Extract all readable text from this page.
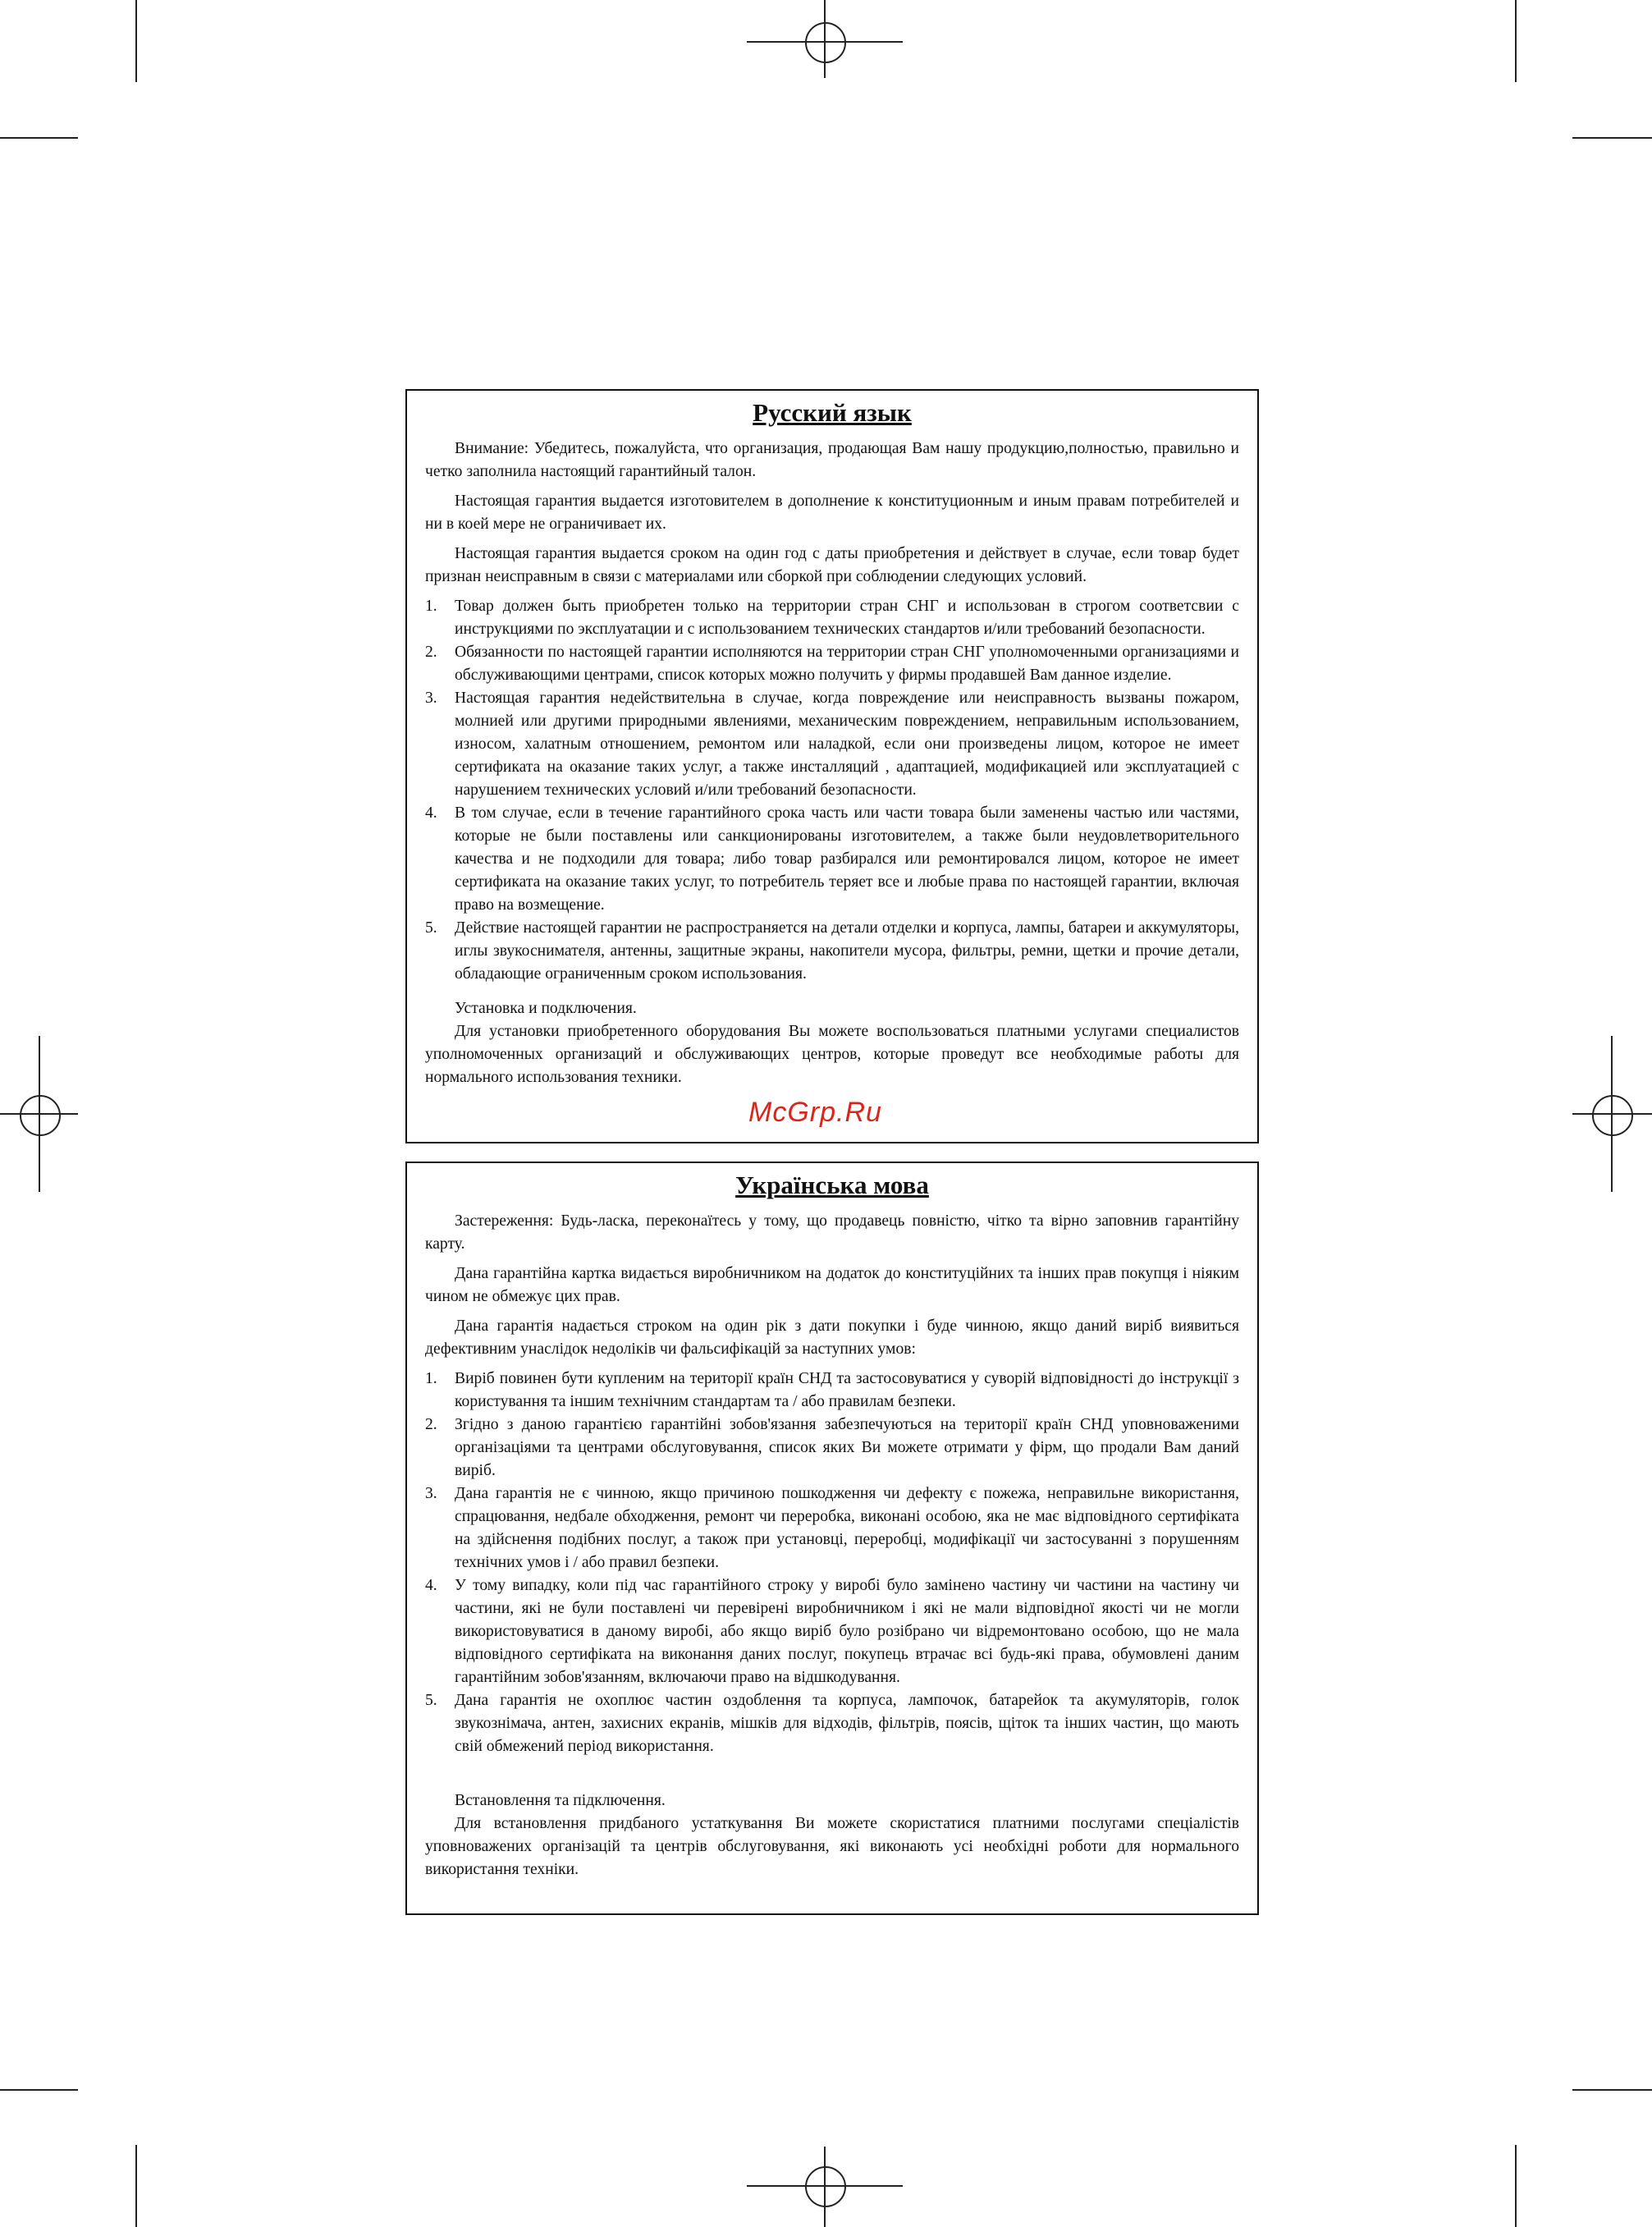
Русский язык

Внимание: Убедитесь, пожалуйста, что организация, продающая Вам нашу продукцию,полностью, правильно и четко заполнила настоящий гарантийный талон.

Настоящая гарантия выдается изготовителем в дополнение к конституционным и иным правам потребителей и ни в коей мере не ограничивает их.

Настоящая гарантия выдается сроком на один год с даты приобретения и действует в случае, если товар будет признан неисправным в связи с материалами или сборкой при соблюдении следующих условий.

1. Товар должен быть приобретен только на территории стран СНГ и использован в строгом соответсвии с инструкциями по эксплуатации и с использованием технических стандартов и/или требований безопасности.
2. Обязанности по настоящей гарантии исполняются на территории стран СНГ уполномоченными организациями и обслуживающими центрами, список которых можно получить у фирмы продавшей Вам данное изделие.
3. Настоящая гарантия недействительна в случае, когда повреждение или неисправность вызваны пожаром, молнией или другими природными явлениями, механическим повреждением, неправильным использованием, износом, халатным отношением, ремонтом или наладкой, если они произведены лицом, которое не имеет сертификата на оказание таких услуг, а также инсталляций , адаптацией, модификацией или эксплуатацией с нарушением технических условий и/или требований безопасности.
4. В том случае, если в течение гарантийного срока часть или части товара были заменены частью или частями, которые не были поставлены или санкционированы изготовителем, а также были неудовлетворительного качества и не подходили для товара; либо товар разбирался или ремонтировался лицом, которое не имеет сертификата на оказание таких услуг, то потребитель теряет все и любые права по настоящей гарантии, включая право на возмещение.
5. Действие настоящей гарантии не распространяется на детали отделки и корпуса, лампы, батареи и аккумуляторы, иглы звукоснимателя, антенны, защитные экраны, накопители мусора, фильтры, ремни, щетки и прочие детали, обладающие ограниченным сроком использования.

Установка и подключения.

Для установки приобретенного оборудования Вы можете воспользоваться платными услугами специалистов уполномоченных организаций и обслуживающих центров, которые проведут все необходимые работы для нормального использования техники.

McGrp.Ru
Українська мова

Застереження: Будь-ласка, переконаїтесь у тому, що продавець повністю, чітко та вірно заповнив гарантійну карту.

Дана гарантійна картка видається виробничником на додаток до конституційних та інших прав покупця і ніяким чином не обмежує цих прав.

Дана гарантія надається строком на один рік з дати покупки і буде чинною, якщо даний виріб виявиться дефективним унаслідок недоліків чи фальсифікацій за наступних умов:

1. Виріб повинен бути купленим на території країн СНД та застосовуватися у суворій відповідності до інструкції з користування та іншим технічним стандартам та / або правилам безпеки.
2. Згідно з даною гарантією гарантійні зобов'язання забезпечуються на території країн СНД уповноваженими організаціями та центрами обслуговування, список яких Ви можете отримати у фірм, що продали Вам даний виріб.
3. Дана гарантія не є чинною, якщо причиною пошкодження чи дефекту є пожежа, неправильне використання, спрацювання, недбале обходження, ремонт чи переробка, виконані особою, яка не має відповідного сертифіката на здійснення подібних послуг, а також при установці, переробці, модифікації чи застосуванні з порушенням технічних умов і / або правил безпеки.
4. У тому випадку, коли під час гарантійного строку у виробі було замінено частину чи частини на частину чи частини, які не були поставлені чи перевірені виробничником і які не мали відповідної якості чи не могли використовуватися в даному виробі, або якщо виріб було розібрано чи відремонтовано особою, що не мала відповідного сертифіката на виконання даних послуг, покупець втрачає всі будь-які права, обумовлені даним гарантійним зобов'язанням, включаючи право на відшкодування.
5. Дана гарантія не охоплює частин оздоблення та корпуса, лампочок, батарейок та акумуляторів, голок звукознімача, антен, захисних екранів, мішків для відходів, фільтрів, поясів, щіток та інших частин, що мають свій обмежений період використання.

Встановлення та підключення.

Для встановлення придбаного устаткування Ви можете скористатися платними послугами спеціалістів уповноважених організацій та центрів обслуговування, які виконають усі необхідні роботи для нормального використання техніки.
